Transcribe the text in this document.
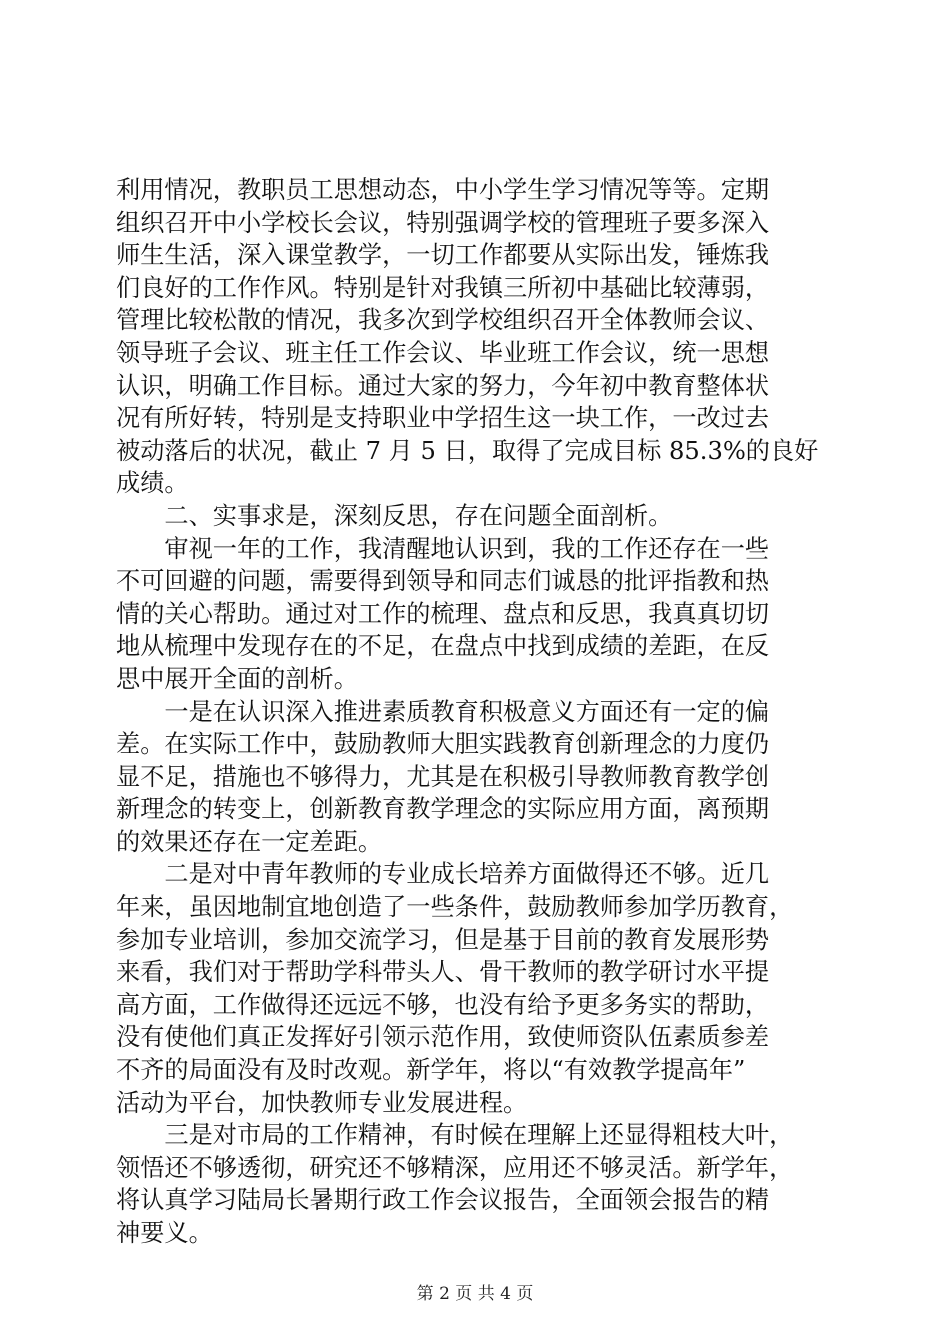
利用情况，教职员工思想动态，中小学生学习情况等等。定期
组织召开中小学校长会议，特别强调学校的管理班子要多深入
师生生活，深入课堂教学，一切工作都要从实际出发，锤炼我
们良好的工作作风。特别是针对我镇三所初中基础比较薄弱，
管理比较松散的情况，我多次到学校组织召开全体教师会议、
领导班子会议、班主任工作会议、毕业班工作会议，统一思想
认识，明确工作目标。通过大家的努力，今年初中教育整体状
况有所好转，特别是支持职业中学招生这一块工作，一改过去
被动落后的状况，截止 7 月 5 日，取得了完成目标 85.3%的良好
成绩。
　　二、实事求是，深刻反思，存在问题全面剖析。
　　审视一年的工作，我清醒地认识到，我的工作还存在一些
不可回避的问题，需要得到领导和同志们诚恳的批评指教和热
情的关心帮助。通过对工作的梳理、盘点和反思，我真真切切
地从梳理中发现存在的不足，在盘点中找到成绩的差距，在反
思中展开全面的剖析。
　　一是在认识深入推进素质教育积极意义方面还有一定的偏
差。在实际工作中，鼓励教师大胆实践教育创新理念的力度仍
显不足，措施也不够得力，尤其是在积极引导教师教育教学创
新理念的转变上，创新教育教学理念的实际应用方面，离预期
的效果还存在一定差距。
　　二是对中青年教师的专业成长培养方面做得还不够。近几
年来，虽因地制宜地创造了一些条件，鼓励教师参加学历教育，
参加专业培训，参加交流学习，但是基于目前的教育发展形势
来看，我们对于帮助学科带头人、骨干教师的教学研讨水平提
高方面，工作做得还远远不够，也没有给予更多务实的帮助，
没有使他们真正发挥好引领示范作用，致使师资队伍素质参差
不齐的局面没有及时改观。新学年，将以“有效教学提高年”
活动为平台，加快教师专业发展进程。
　　三是对市局的工作精神，有时候在理解上还显得粗枝大叶，
领悟还不够透彻，研究还不够精深，应用还不够灵活。新学年，
将认真学习陆局长暑期行政工作会议报告，全面领会报告的精
神要义。
第 2 页 共 4 页
